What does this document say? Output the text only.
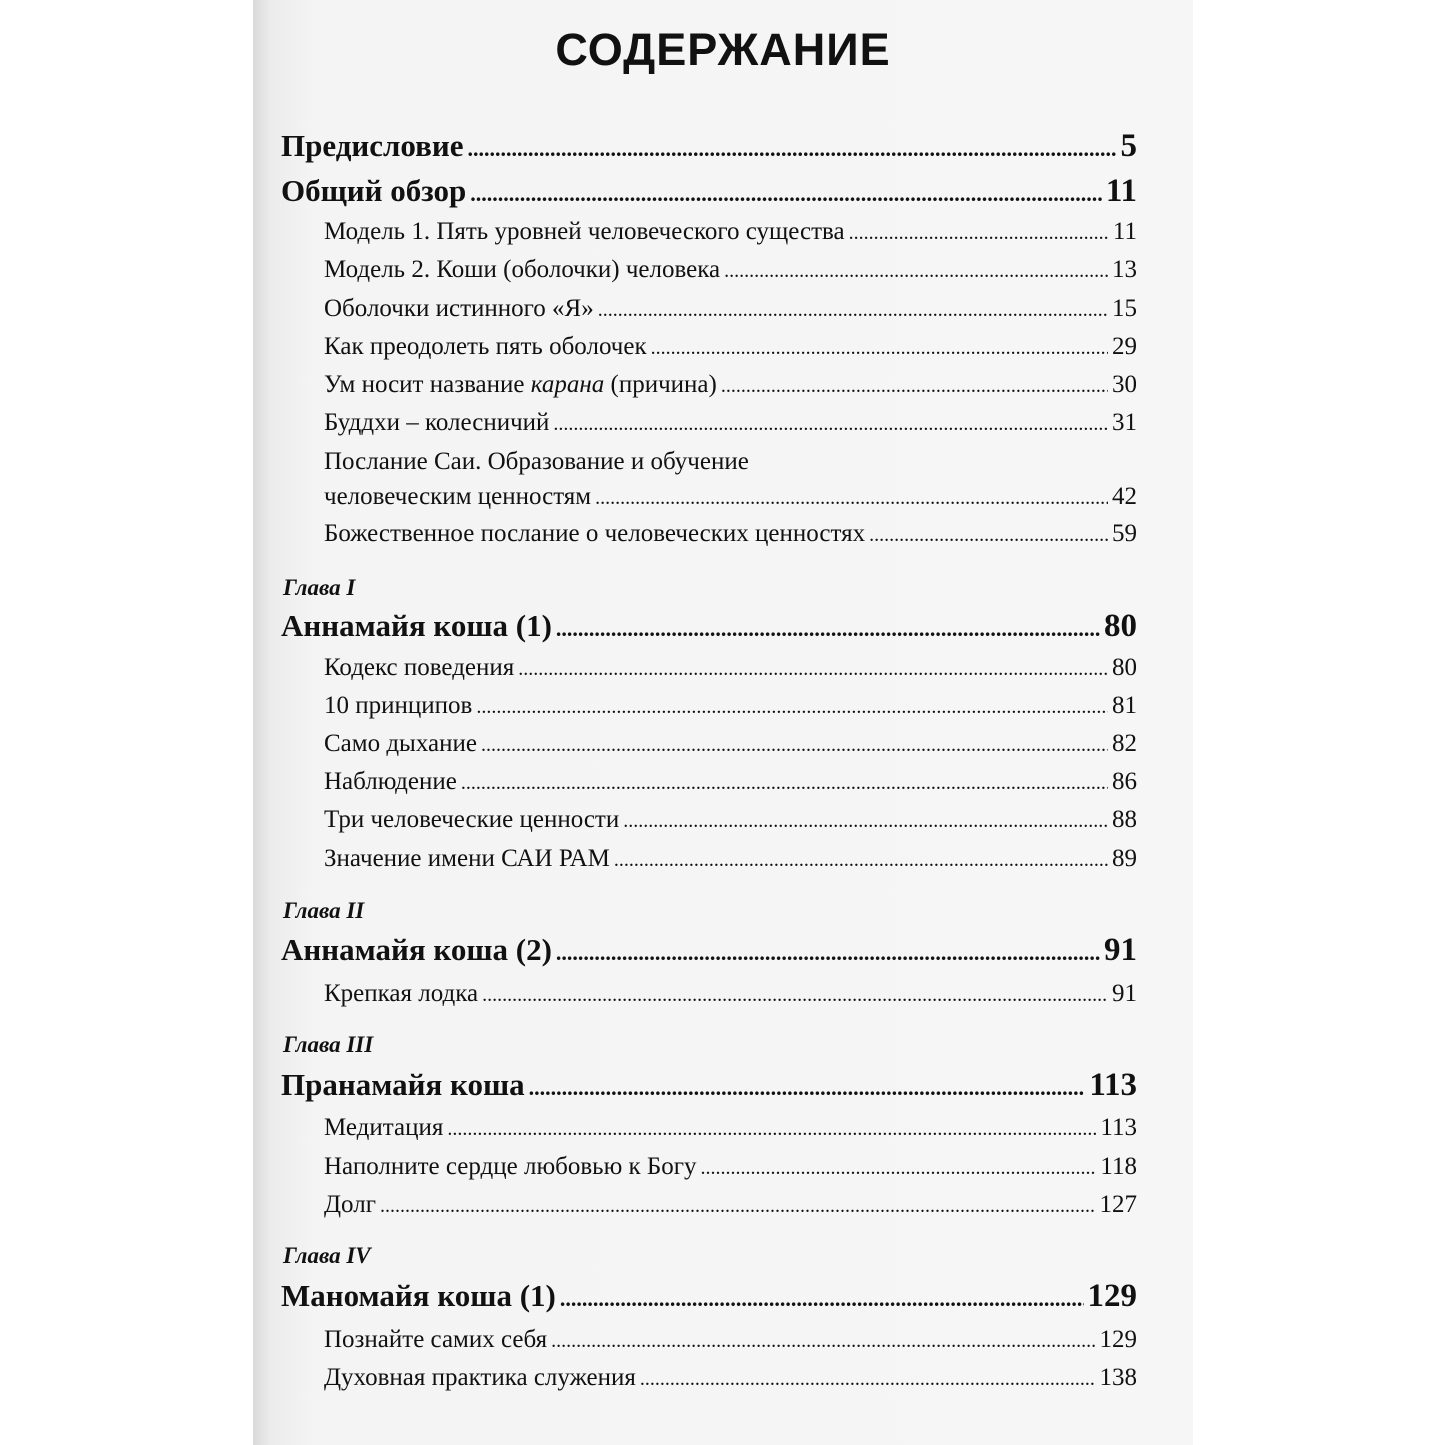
СОДЕРЖАНИЕ
Предисловие .....	5
Общий обзор .....	11
Модель 1. Пять уровней человеческого существа .....	11
Модель 2. Коши (оболочки) человека .....	13
Оболочки истинного «Я» .....	15
Как преодолеть пять оболочек .....	29
Ум носит название карана (причина) .....	30
Буддхи – колесничий .....	31
Послание Саи. Образование и обучение
человеческим ценностям .....	42
Божественное послание о человеческих ценностях .....	59
Глава I
Аннамайя коша (1) .....	80
Кодекс поведения .....	80
10 принципов .....	81
Само дыхание .....	82
Наблюдение .....	86
Три человеческие ценности .....	88
Значение имени САИ РАМ .....	89
Глава II
Аннамайя коша (2) .....	91
Крепкая лодка .....	91
Глава III
Пранамайя коша .....	113
Медитация .....	113
Наполните сердце любовью к Богу .....	118
Долг .....	127
Глава IV
Маномайя коша (1) .....	129
Познайте самих себя .....	129
Духовная практика служения .....	138
